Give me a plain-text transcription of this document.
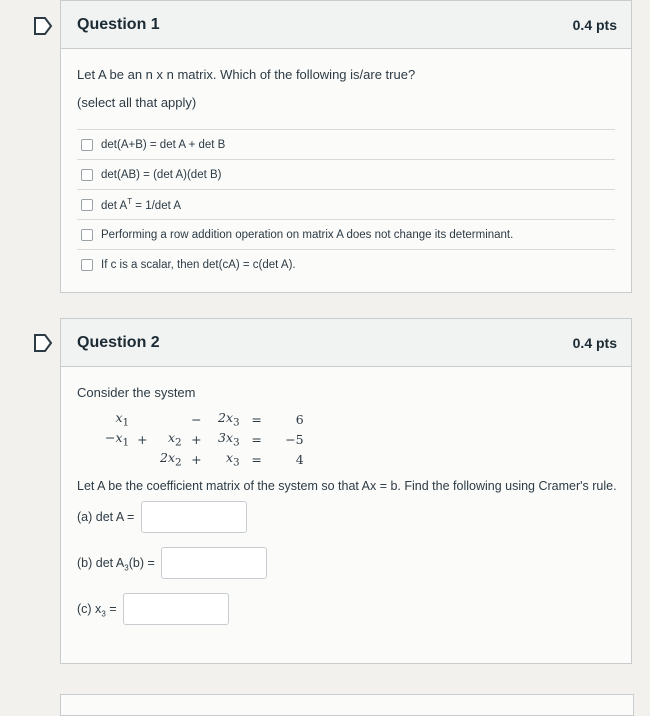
Question 1	0.4 pts
Let A be an n x n matrix. Which of the following is/are true?
(select all that apply)
det(A+B) = det A + det B
det(AB) = (det A)(det B)
$\det A^T = 1/\det$ A
Performing a row addition operation on matrix A does not change its determinant.
If c is a scalar, then det(cA) = c(det A).
Question 2	0.4 pts
Consider the system
$x_1$			−	$2x_3$	=	6
$-x_1$	+	$x_2$	+	$3x_3$	=	−5
		$2x_2$	+	$x_3$	=	4
Let A be the coefficient matrix of the system so that Ax = b. Find the following using Cramer's rule.
(a) det A =
(b) $\det A_3(b)$ =
(c) $x_3$ =
